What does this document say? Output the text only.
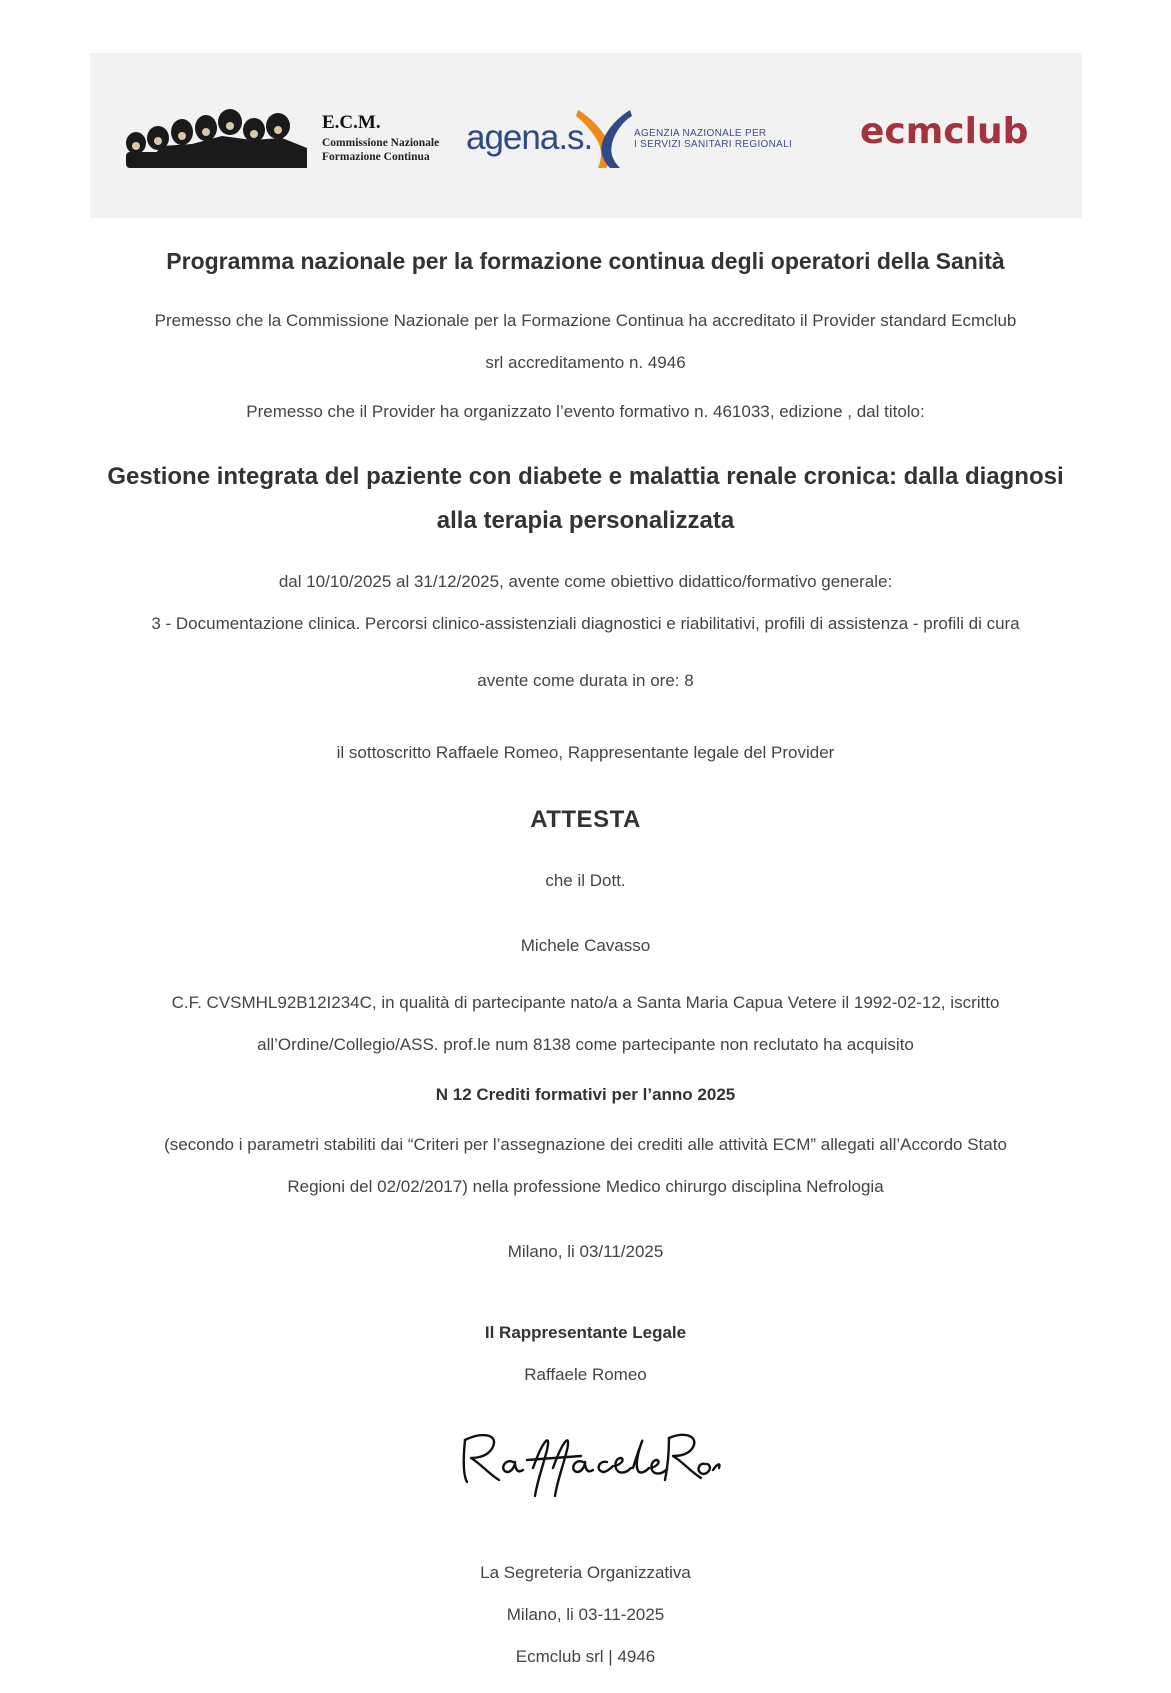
E.C.M.
Commissione Nazionale
Formazione Continua	agena.s.	AGENZIA NAZIONALE PER
I SERVIZI SANITARI REGIONALI	ecmclub
Programma nazionale per la formazione continua degli operatori della Sanità
Premesso che la Commissione Nazionale per la Formazione Continua ha accreditato il Provider standard Ecmclub
srl accreditamento n. 4946
Premesso che il Provider ha organizzato l’evento formativo n. 461033, edizione , dal titolo:
Gestione integrata del paziente con diabete e malattia renale cronica: dalla diagnosi
alla terapia personalizzata
dal 10/10/2025 al 31/12/2025, avente come obiettivo didattico/formativo generale:
3 - Documentazione clinica. Percorsi clinico-assistenziali diagnostici e riabilitativi, profili di assistenza - profili di cura
avente come durata in ore: 8
il sottoscritto Raffaele Romeo, Rappresentante legale del Provider
ATTESTA
che il Dott.
Michele Cavasso
C.F. CVSMHL92B12I234C, in qualità di partecipante nato/a a Santa Maria Capua Vetere il 1992-02-12, iscritto
all’Ordine/Collegio/ASS. prof.le num 8138 come partecipante non reclutato ha acquisito
N 12 Crediti formativi per l’anno 2025
(secondo i parametri stabiliti dai “Criteri per l’assegnazione dei crediti alle attività ECM” allegati all’Accordo Stato
Regioni del 02/02/2017) nella professione Medico chirurgo disciplina Nefrologia
Milano, li 03/11/2025
Il Rappresentante Legale
Raffaele Romeo
La Segreteria Organizzativa
Milano, li 03-11-2025
Ecmclub srl | 4946
